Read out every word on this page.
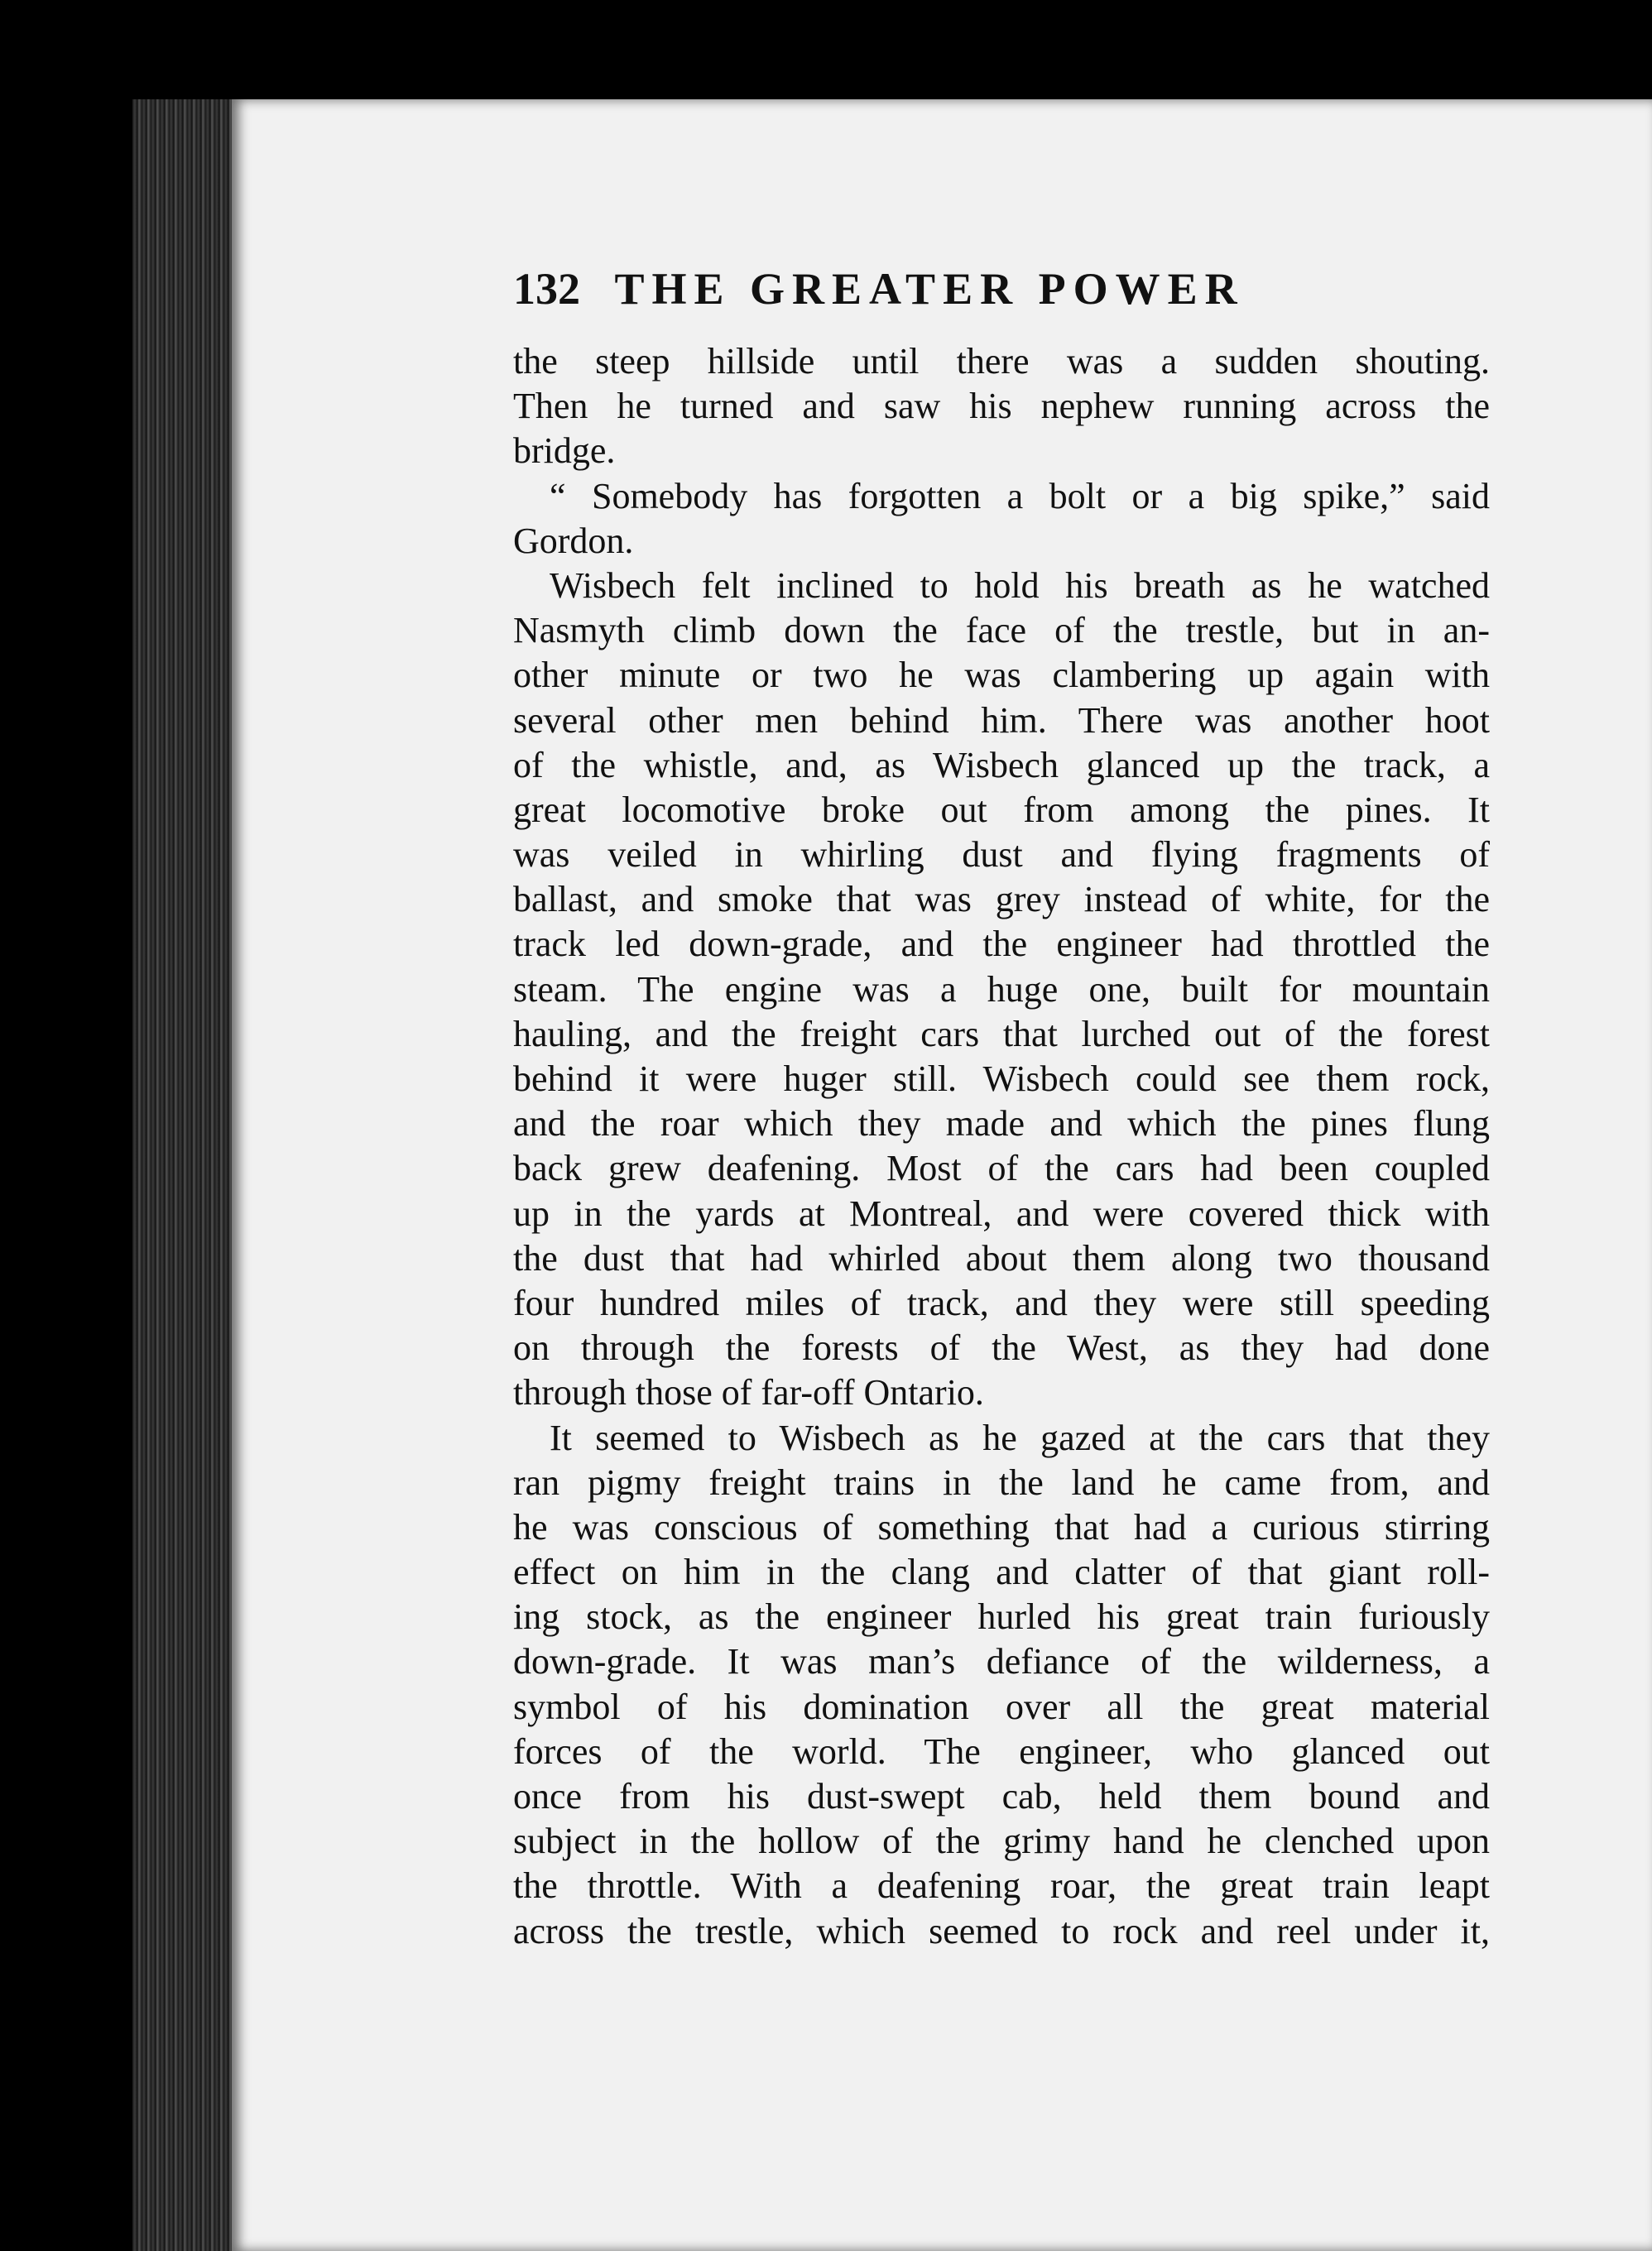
132 THE GREATER POWER
the steep hillside until there was a sudden shouting.
Then he turned and saw his nephew running across the
bridge.
“ Somebody has forgotten a bolt or a big spike,” said
Gordon.
Wisbech felt inclined to hold his breath as he watched
Nasmyth climb down the face of the trestle, but in an-
other minute or two he was clambering up again with
several other men behind him. There was another hoot
of the whistle, and, as Wisbech glanced up the track, a
great locomotive broke out from among the pines. It
was veiled in whirling dust and flying fragments of
ballast, and smoke that was grey instead of white, for the
track led down-grade, and the engineer had throttled the
steam. The engine was a huge one, built for mountain
hauling, and the freight cars that lurched out of the forest
behind it were huger still. Wisbech could see them rock,
and the roar which they made and which the pines flung
back grew deafening. Most of the cars had been coupled
up in the yards at Montreal, and were covered thick with
the dust that had whirled about them along two thousand
four hundred miles of track, and they were still speeding
on through the forests of the West, as they had done
through those of far-off Ontario.
It seemed to Wisbech as he gazed at the cars that they
ran pigmy freight trains in the land he came from, and
he was conscious of something that had a curious stirring
effect on him in the clang and clatter of that giant roll-
ing stock, as the engineer hurled his great train furiously
down-grade. It was man’s defiance of the wilderness, a
symbol of his domination over all the great material
forces of the world. The engineer, who glanced out
once from his dust-swept cab, held them bound and
subject in the hollow of the grimy hand he clenched upon
the throttle. With a deafening roar, the great train leapt
across the trestle, which seemed to rock and reel under it,
